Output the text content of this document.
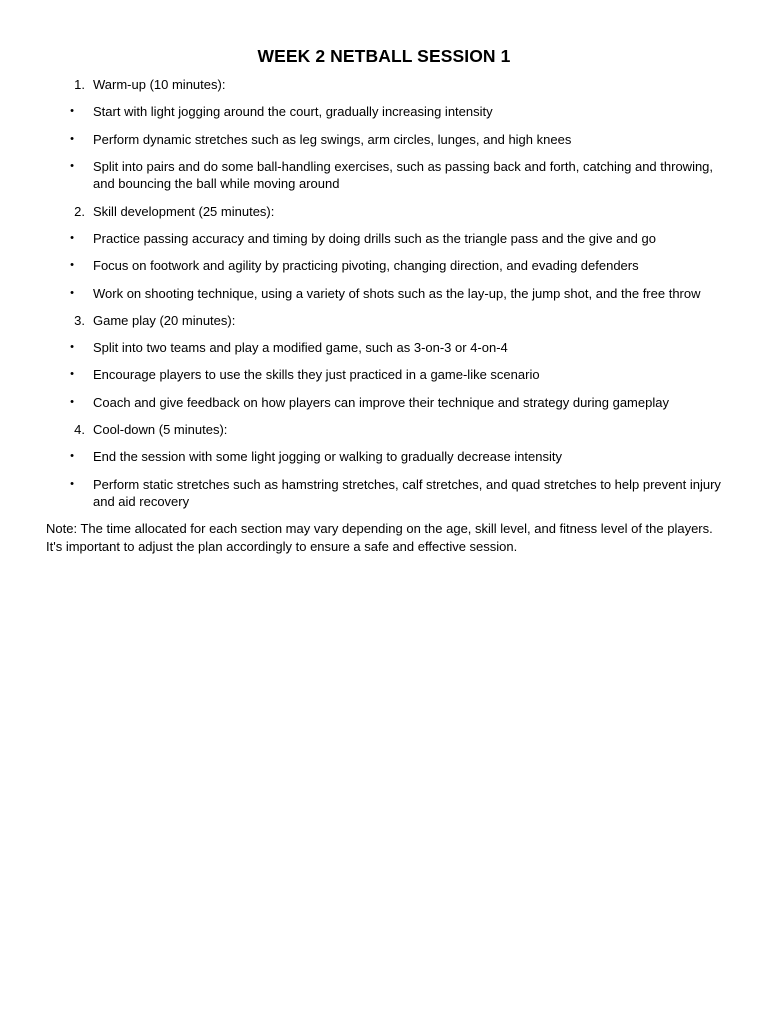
WEEK 2 NETBALL SESSION 1
1. Warm-up (10 minutes):
• Start with light jogging around the court, gradually increasing intensity
• Perform dynamic stretches such as leg swings, arm circles, lunges, and high knees
• Split into pairs and do some ball-handling exercises, such as passing back and forth, catching and throwing, and bouncing the ball while moving around
2. Skill development (25 minutes):
• Practice passing accuracy and timing by doing drills such as the triangle pass and the give and go
• Focus on footwork and agility by practicing pivoting, changing direction, and evading defenders
• Work on shooting technique, using a variety of shots such as the lay-up, the jump shot, and the free throw
3. Game play (20 minutes):
• Split into two teams and play a modified game, such as 3-on-3 or 4-on-4
• Encourage players to use the skills they just practiced in a game-like scenario
• Coach and give feedback on how players can improve their technique and strategy during gameplay
4. Cool-down (5 minutes):
• End the session with some light jogging or walking to gradually decrease intensity
• Perform static stretches such as hamstring stretches, calf stretches, and quad stretches to help prevent injury and aid recovery

Note: The time allocated for each section may vary depending on the age, skill level, and fitness level of the players. It's important to adjust the plan accordingly to ensure a safe and effective session.
